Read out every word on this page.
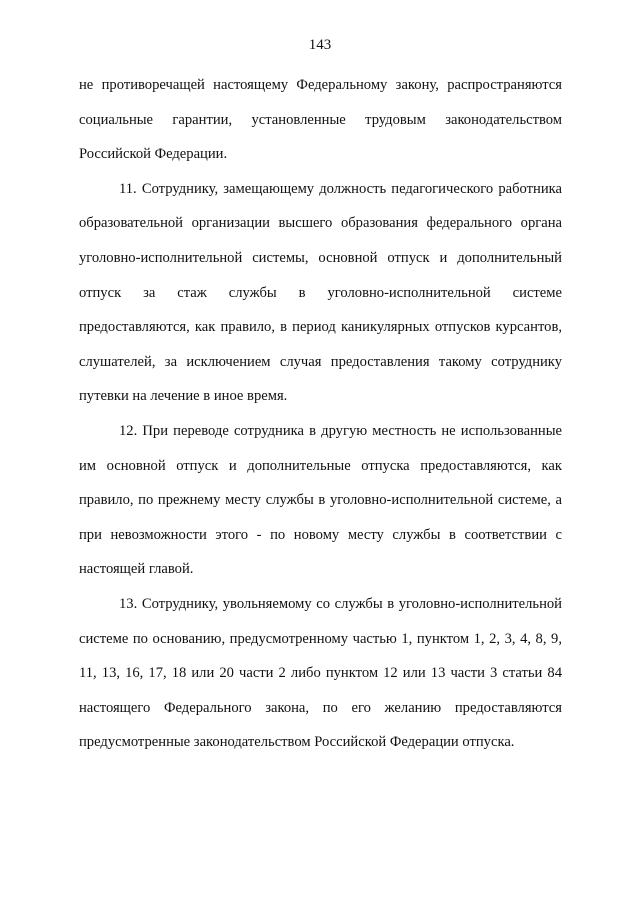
143

не противоречащей настоящему Федеральному закону, распространяются социальные гарантии, установленные трудовым законодательством Российской Федерации.

11. Сотруднику, замещающему должность педагогического работника образовательной организации высшего образования федерального органа уголовно-исполнительной системы, основной отпуск и дополнительный отпуск за стаж службы в уголовно-исполнительной системе предоставляются, как правило, в период каникулярных отпусков курсантов, слушателей, за исключением случая предоставления такому сотруднику путевки на лечение в иное время.

12. При переводе сотрудника в другую местность не использованные им основной отпуск и дополнительные отпуска предоставляются, как правило, по прежнему месту службы в уголовно-исполнительной системе, а при невозможности этого - по новому месту службы в соответствии с настоящей главой.

13. Сотруднику, увольняемому со службы в уголовно-исполнительной системе по основанию, предусмотренному частью 1, пунктом 1, 2, 3, 4, 8, 9, 11, 13, 16, 17, 18 или 20 части 2 либо пунктом 12 или 13 части 3 статьи 84 настоящего Федерального закона, по его желанию предоставляются предусмотренные законодательством Российской Федерации отпуска.
